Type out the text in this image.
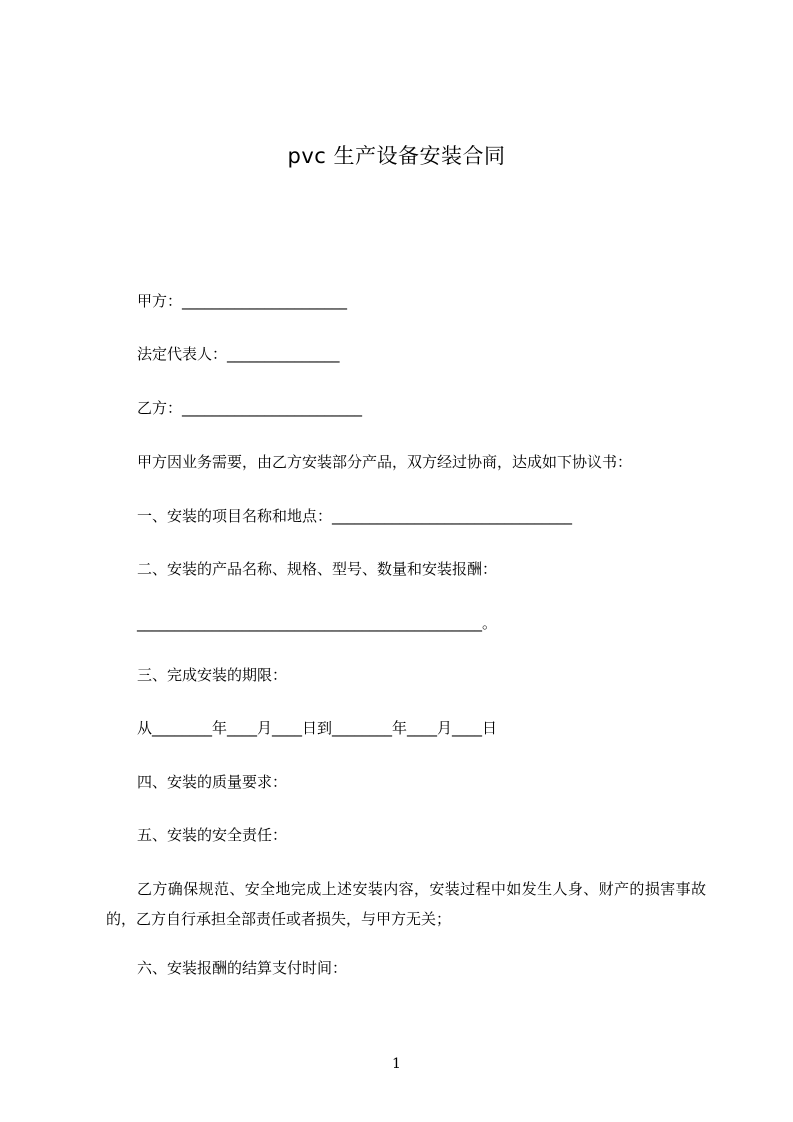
pvc 生产设备安装合同
甲方：______________________
法定代表人：_______________
乙方：________________________
甲方因业务需要，由乙方安装部分产品，双方经过协商，达成如下协议书：
一、安装的项目名称和地点：________________________________
二、安装的产品名称、规格、型号、数量和安装报酬：
______________________________________________。
三、完成安装的期限：
从________年____月____日到________年____月____日
四、安装的质量要求：
五、安装的安全责任：
乙方确保规范、安全地完成上述安装内容，安装过程中如发生人身、财产的损害事故的，乙方自行承担全部责任或者损失，与甲方无关；
六、安装报酬的结算支付时间：
1
